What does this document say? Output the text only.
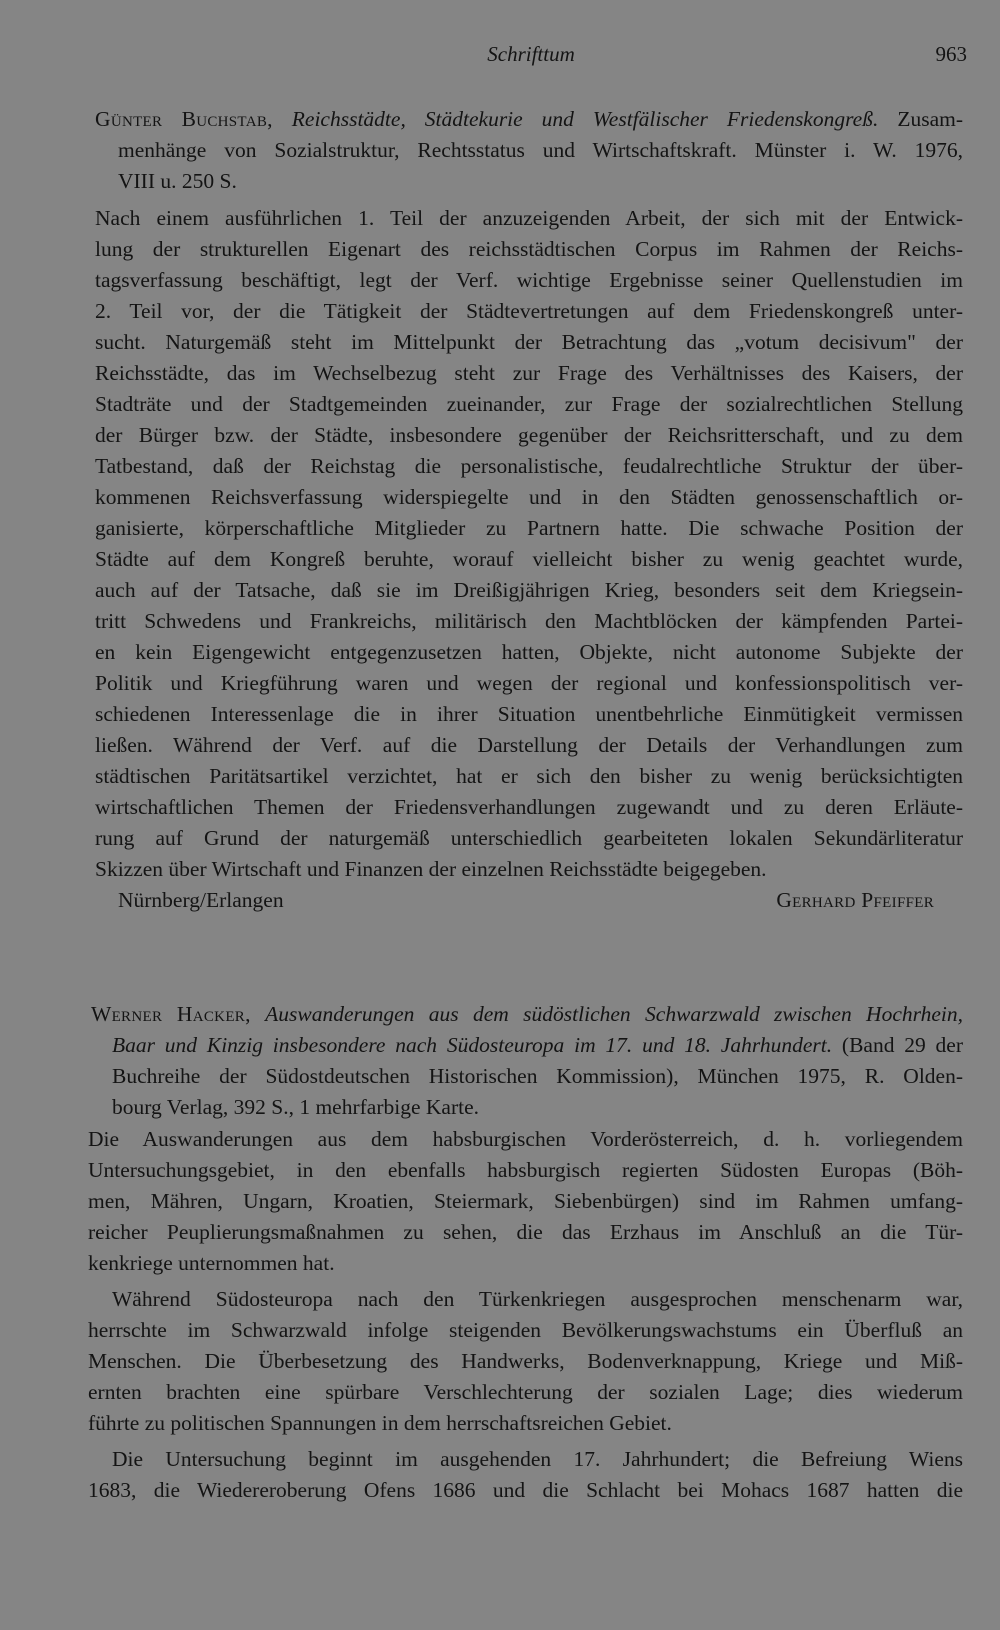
Schrifttum	963
Günter Buchstab, Reichsstädte, Städtekurie und Westfälischer Friedenskongreß. Zusam-
menhänge von Sozialstruktur, Rechtsstatus und Wirtschaftskraft. Münster i. W. 1976,
VIII u. 250 S.
Nach einem ausführlichen 1. Teil der anzuzeigenden Arbeit, der sich mit der Entwick-
lung der strukturellen Eigenart des reichsstädtischen Corpus im Rahmen der Reichs-
tagsverfassung beschäftigt, legt der Verf. wichtige Ergebnisse seiner Quellenstudien im
2. Teil vor, der die Tätigkeit der Städtevertretungen auf dem Friedenskongreß unter-
sucht. Naturgemäß steht im Mittelpunkt der Betrachtung das „votum decisivum" der
Reichsstädte, das im Wechselbezug steht zur Frage des Verhältnisses des Kaisers, der
Stadträte und der Stadtgemeinden zueinander, zur Frage der sozialrechtlichen Stellung
der Bürger bzw. der Städte, insbesondere gegenüber der Reichsritterschaft, und zu dem
Tatbestand, daß der Reichstag die personalistische, feudalrechtliche Struktur der über-
kommenen Reichsverfassung widerspiegelte und in den Städten genossenschaftlich or-
ganisierte, körperschaftliche Mitglieder zu Partnern hatte. Die schwache Position der
Städte auf dem Kongreß beruhte, worauf vielleicht bisher zu wenig geachtet wurde,
auch auf der Tatsache, daß sie im Dreißigjährigen Krieg, besonders seit dem Kriegsein-
tritt Schwedens und Frankreichs, militärisch den Machtblöcken der kämpfenden Partei-
en kein Eigengewicht entgegenzusetzen hatten, Objekte, nicht autonome Subjekte der
Politik und Kriegführung waren und wegen der regional und konfessionspolitisch ver-
schiedenen Interessenlage die in ihrer Situation unentbehrliche Einmütigkeit vermissen
ließen. Während der Verf. auf die Darstellung der Details der Verhandlungen zum
städtischen Paritätsartikel verzichtet, hat er sich den bisher zu wenig berücksichtigten
wirtschaftlichen Themen der Friedensverhandlungen zugewandt und zu deren Erläute-
rung auf Grund der naturgemäß unterschiedlich gearbeiteten lokalen Sekundärliteratur
Skizzen über Wirtschaft und Finanzen der einzelnen Reichsstädte beigegeben.
Nürnberg/Erlangen	Gerhard Pfeiffer
Werner Hacker, Auswanderungen aus dem südöstlichen Schwarzwald zwischen Hochrhein,
Baar und Kinzig insbesondere nach Südosteuropa im 17. und 18. Jahrhundert. (Band 29 der
Buchreihe der Südostdeutschen Historischen Kommission), München 1975, R. Olden-
bourg Verlag, 392 S., 1 mehrfarbige Karte.
Die Auswanderungen aus dem habsburgischen Vorderösterreich, d. h. vorliegendem
Untersuchungsgebiet, in den ebenfalls habsburgisch regierten Südosten Europas (Böh-
men, Mähren, Ungarn, Kroatien, Steiermark, Siebenbürgen) sind im Rahmen umfang-
reicher Peuplierungsmaßnahmen zu sehen, die das Erzhaus im Anschluß an die Tür-
kenkriege unternommen hat.
Während Südosteuropa nach den Türkenkriegen ausgesprochen menschenarm war,
herrschte im Schwarzwald infolge steigenden Bevölkerungswachstums ein Überfluß an
Menschen. Die Überbesetzung des Handwerks, Bodenverknappung, Kriege und Miß-
ernten brachten eine spürbare Verschlechterung der sozialen Lage; dies wiederum
führte zu politischen Spannungen in dem herrschaftsreichen Gebiet.
Die Untersuchung beginnt im ausgehenden 17. Jahrhundert; die Befreiung Wiens
1683, die Wiedereroberung Ofens 1686 und die Schlacht bei Mohacs 1687 hatten die
